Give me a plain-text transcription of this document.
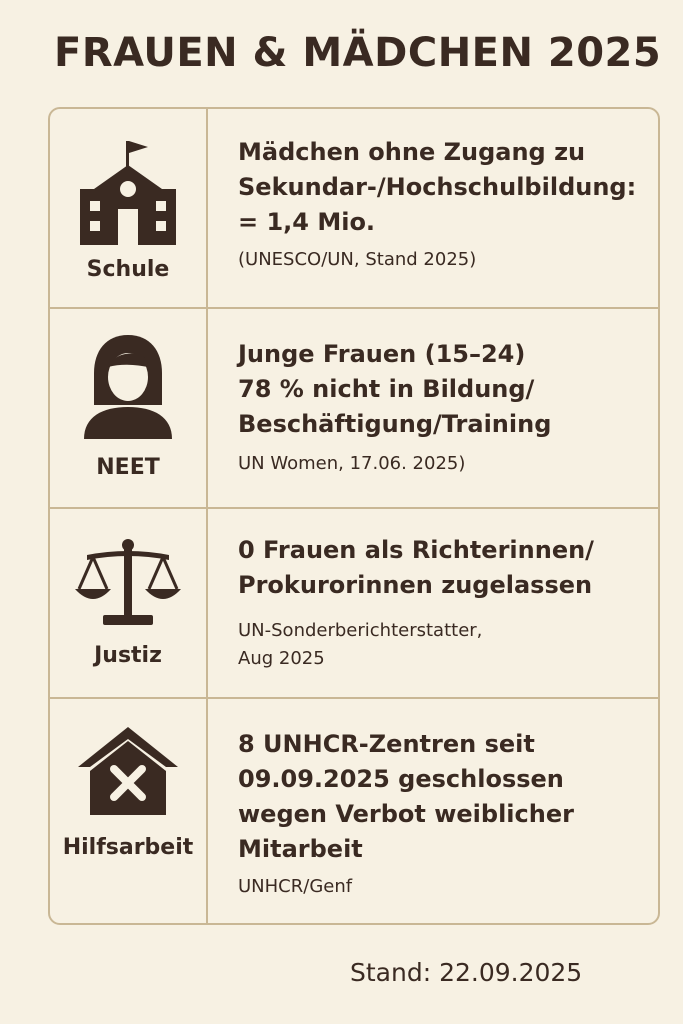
FRAUEN & MÄDCHEN 2025
Schule

Mädchen ohne Zugang zu
Sekundar-/Hochschulbildung:
= 1,4 Mio.

(UNESCO/UN, Stand 2025)

NEET

Junge Frauen (15–24)
78 % nicht in Bildung/
Beschäftigung/Training

UN Women, 17.06. 2025)

Justiz

0 Frauen als Richterinnen/
Prokurorinnen zugelassen

UN-Sonderberichterstatter,
Aug 2025

Hilfsarbeit

8 UNHCR-Zentren seit
09.09.2025 geschlossen
wegen Verbot weiblicher
Mitarbeit

UNHCR/Genf

Stand: 22.09.2025
